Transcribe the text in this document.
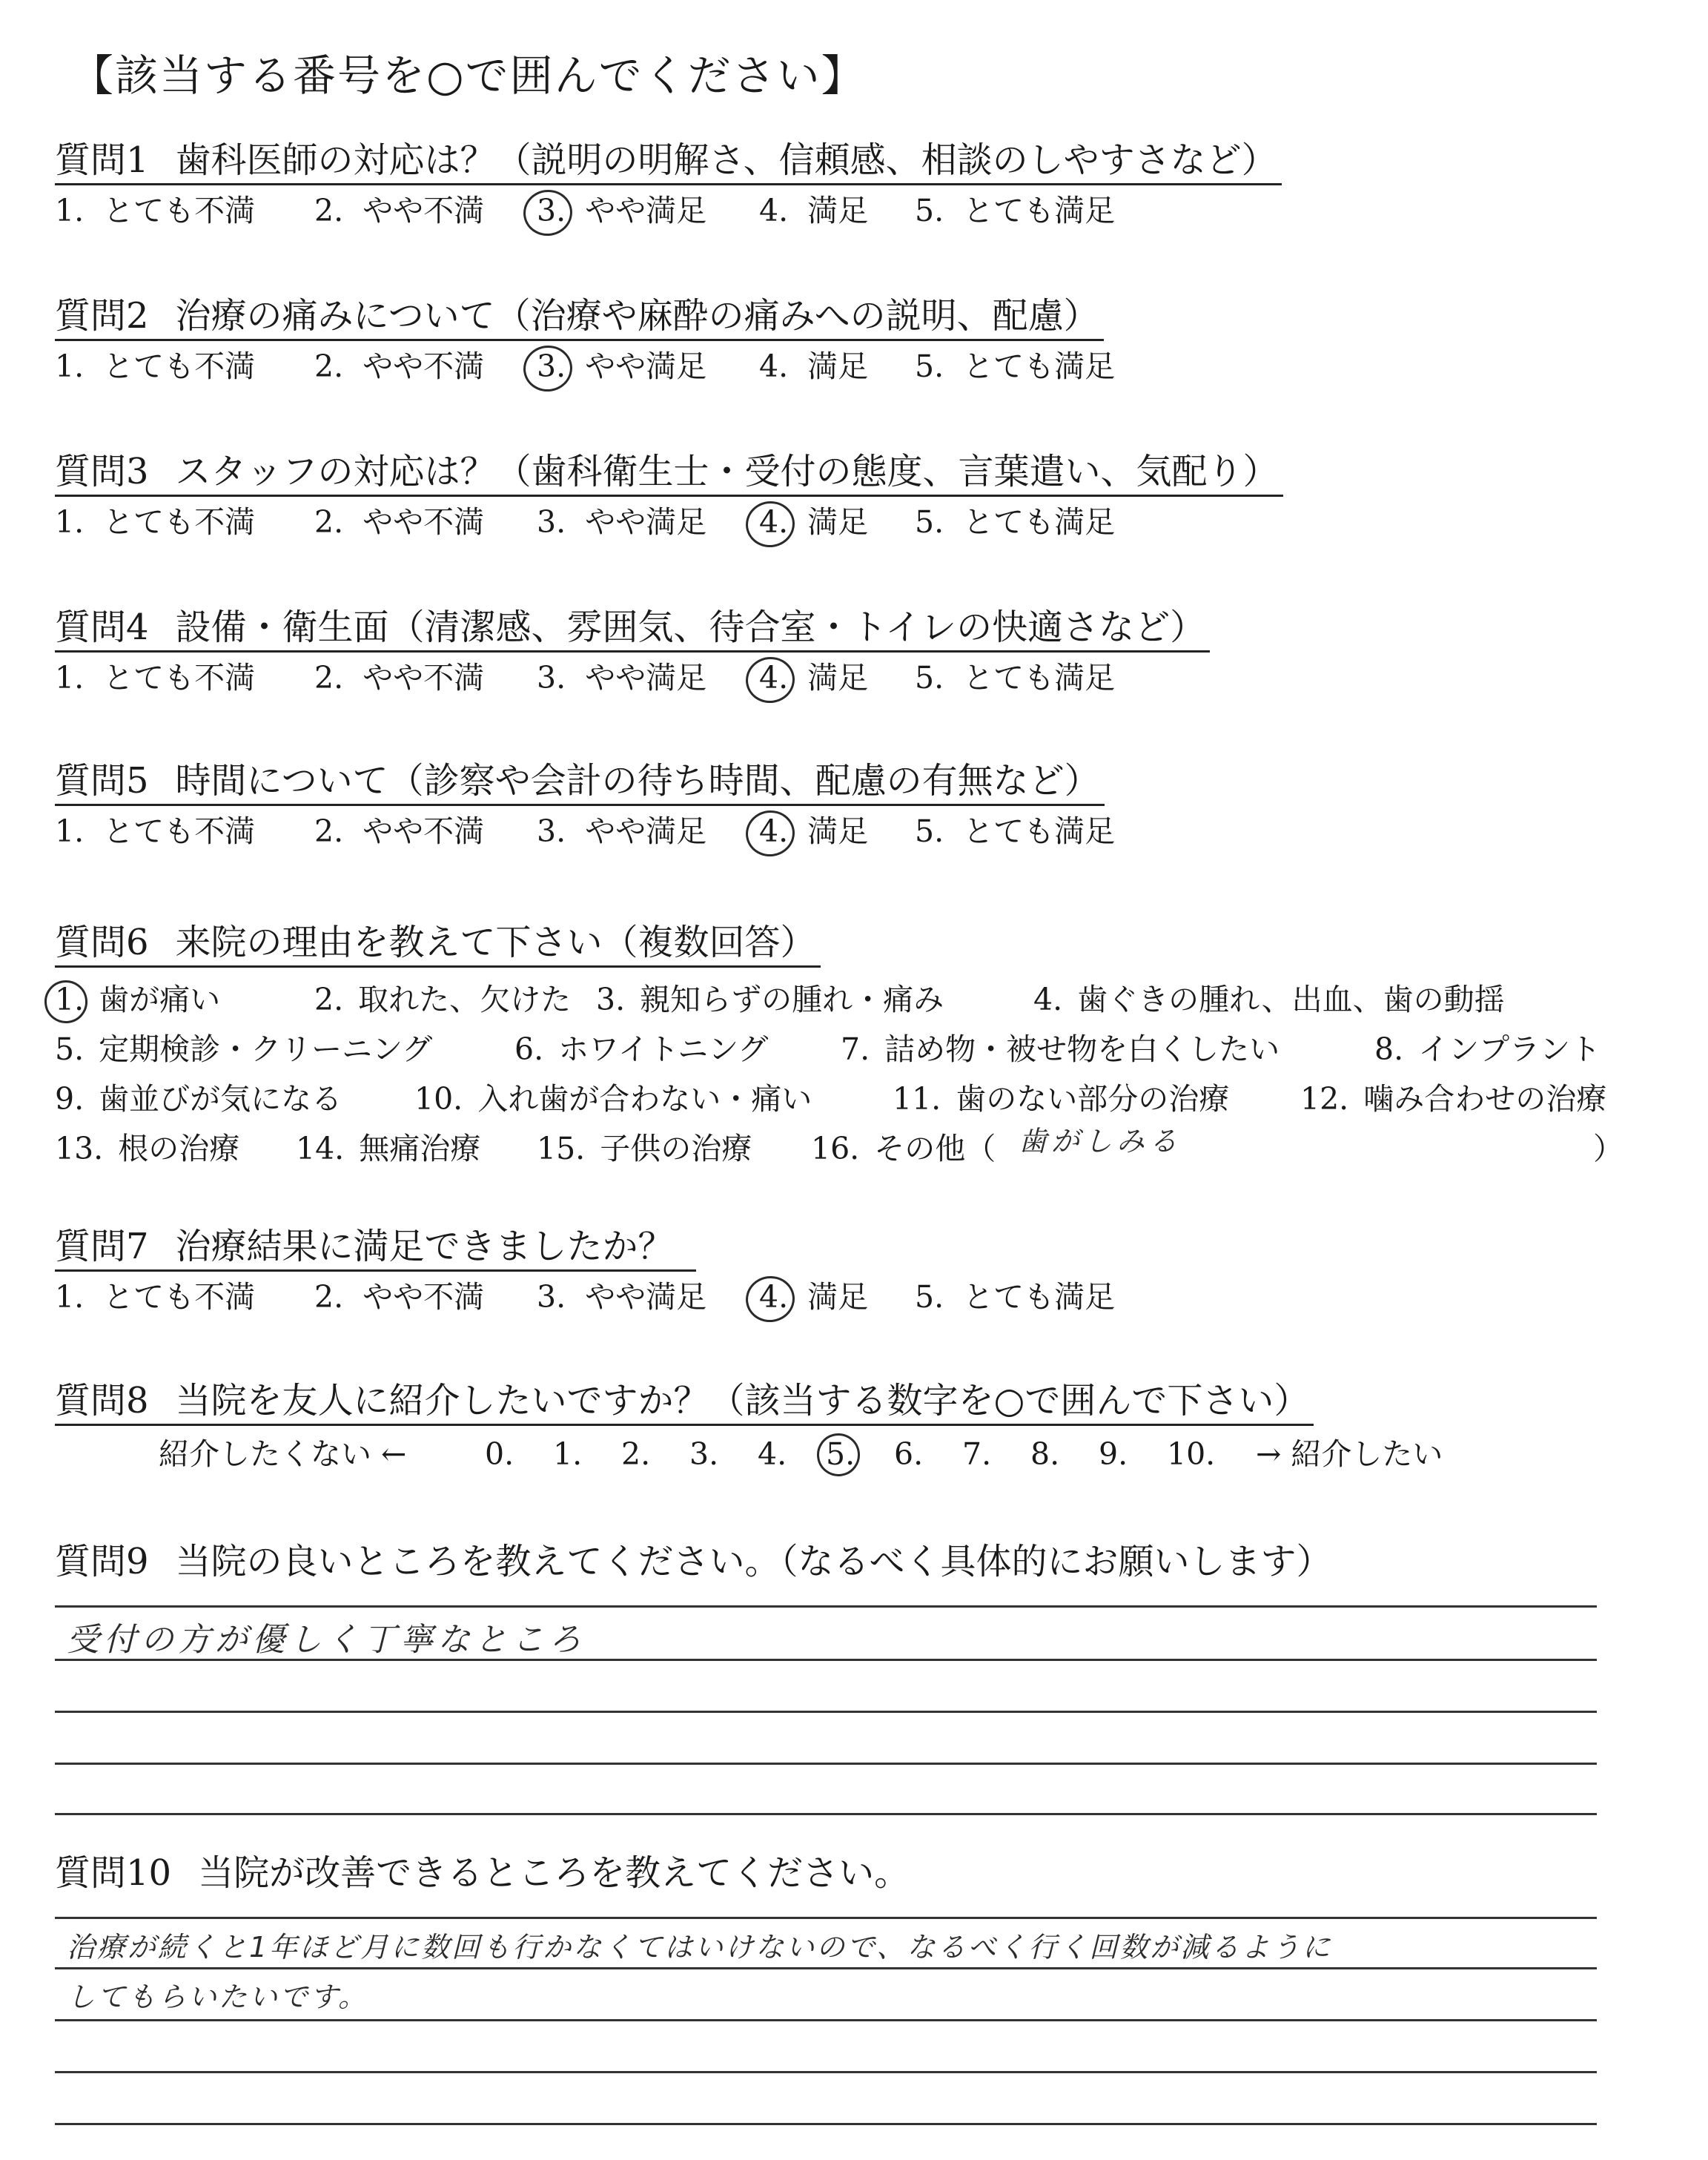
【該当する番号を○で囲んでください】
質問1 歯科医師の対応は？（説明の明解さ、信頼感、相談のしやすさなど）
1. とても不満 2. やや不満 3. やや満足 4. 満足 5. とても満足
質問2 治療の痛みについて（治療や麻酔の痛みへの説明、配慮）
1. とても不満 2. やや不満 3. やや満足 4. 満足 5. とても満足
質問3 スタッフの対応は？（歯科衛生士・受付の態度、言葉遣い、気配り）
1. とても不満 2. やや不満 3. やや満足 4. 満足 5. とても満足
質問4 設備・衛生面（清潔感、雰囲気、待合室・トイレの快適さなど）
1. とても不満 2. やや不満 3. やや満足 4. 満足 5. とても満足
質問5 時間について（診察や会計の待ち時間、配慮の有無など）
1. とても不満 2. やや不満 3. やや満足 4. 満足 5. とても満足
質問6 来院の理由を教えて下さい（複数回答）
1. 歯が痛い	2. 取れた、欠けた 3. 親知らずの腫れ・痛み	4. 歯ぐきの腫れ、出血、歯の動揺
5. 定期検診・クリーニング	6. ホワイトニング 7. 詰め物・被せ物を白くしたい	8. インプラント
9. 歯並びが気になる 10. 入れ歯が合わない・痛い	11. 歯のない部分の治療 12. 噛み合わせの治療
13. 根の治療 14. 無痛治療 15. 子供の治療 16. その他（ 歯がしみる	）
質問7 治療結果に満足できましたか？
1. とても不満 2. やや不満 3. やや満足 4. 満足 5. とても満足
質問8 当院を友人に紹介したいですか？（該当する数字を○で囲んで下さい）
紹介したくない ←	0. 1. 2. 3. 4. 5. 6. 7. 8. 9. 10. → 紹介したい
質問9 当院の良いところを教えてください。（なるべく具体的にお願いします）
受付の方が優しく丁寧なところ
質問10 当院が改善できるところを教えてください。
治療が続くと1年ほど月に数回も行かなくてはいけないので、なるべく行く回数が減るように
してもらいたいです。
